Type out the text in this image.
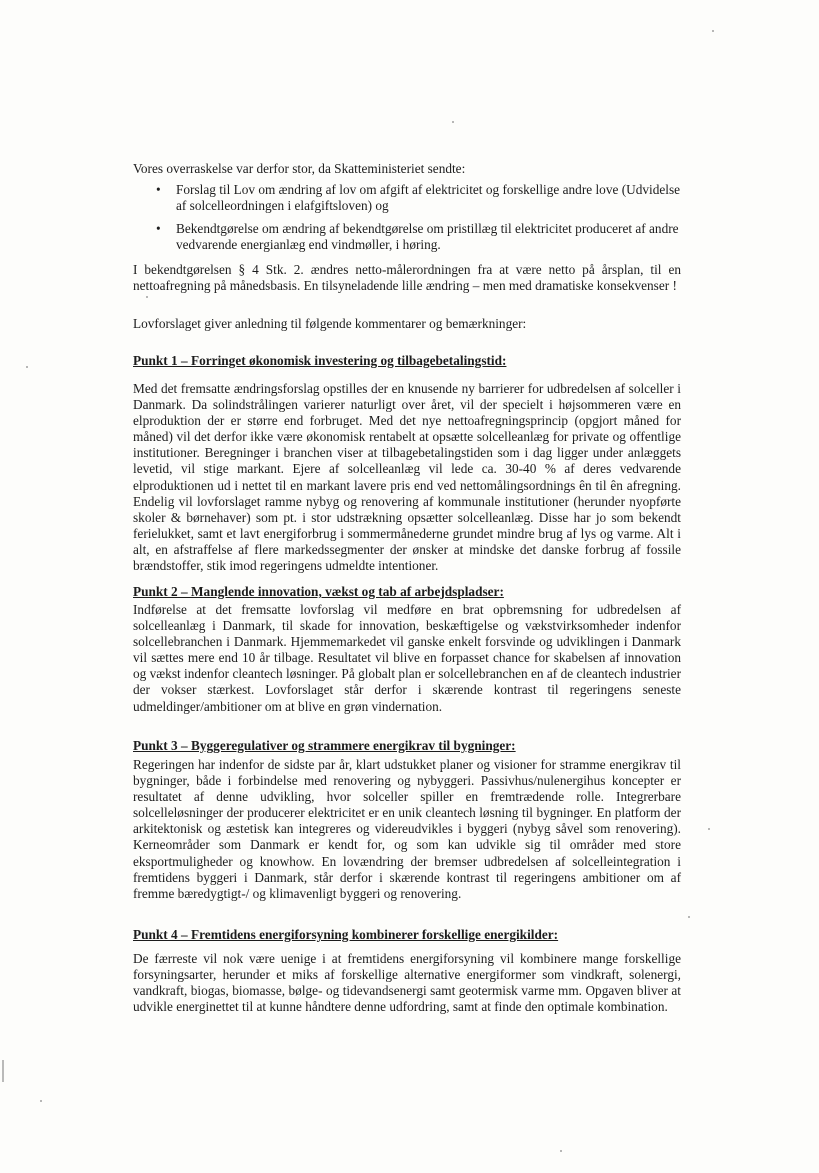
Vores overraskelse var derfor stor, da Skatteministeriet sendte:

• Forslag til Lov om ændring af lov om afgift af elektricitet og forskellige andre love (Udvidelse af solcelleordningen i elafgiftsloven) og
• Bekendtgørelse om ændring af bekendtgørelse om pristillæg til elektricitet produceret af andre vedvarende energianlæg end vindmøller, i høring.

I bekendtgørelsen § 4 Stk. 2. ændres netto-målerordningen fra at være netto på årsplan, til en nettoafregning på månedsbasis. En tilsyneladende lille ændring – men med dramatiske konsekvenser !

Lovforslaget giver anledning til følgende kommentarer og bemærkninger:

Punkt 1 – Forringet økonomisk investering og tilbagebetalingstid:

Med det fremsatte ændringsforslag opstilles der en knusende ny barrierer for udbredelsen af solceller i Danmark. Da solindstrålingen varierer naturligt over året, vil der specielt i højsommeren være en elproduktion der er større end forbruget. Med det nye nettoafregningsprincip (opgjort måned for måned) vil det derfor ikke være økonomisk rentabelt at opsætte solcelleanlæg for private og offentlige institutioner. Beregninger i branchen viser at tilbagebetalingstiden som i dag ligger under anlæggets levetid, vil stige markant. Ejere af solcelleanlæg vil lede ca. 30-40 % af deres vedvarende elproduktionen ud i nettet til en markant lavere pris end ved nettomålingsordnings ên til ên afregning. Endelig vil lovforslaget ramme nybyg og renovering af kommunale institutioner (herunder nyopførte skoler & børnehaver) som pt. i stor udstrækning opsætter solcelleanlæg. Disse har jo som bekendt ferielukket, samt et lavt energiforbrug i sommermånederne grundet mindre brug af lys og varme. Alt i alt, en afstraffelse af flere markedssegmenter der ønsker at mindske det danske forbrug af fossile brændstoffer, stik imod regeringens udmeldte intentioner.

Punkt 2 – Manglende innovation, vækst og tab af arbejdspladser:

Indførelse at det fremsatte lovforslag vil medføre en brat opbremsning for udbredelsen af solcelleanlæg i Danmark, til skade for innovation, beskæftigelse og vækstvirksomheder indenfor solcellebranchen i Danmark. Hjemmemarkedet vil ganske enkelt forsvinde og udviklingen i Danmark vil sættes mere end 10 år tilbage. Resultatet vil blive en forpasset chance for skabelsen af innovation og vækst indenfor cleantech løsninger. På globalt plan er solcellebranchen en af de cleantech industrier der vokser stærkest. Lovforslaget står derfor i skærende kontrast til regeringens seneste udmeldinger/ambitioner om at blive en grøn vindernation.

Punkt 3 – Byggeregulativer og strammere energikrav til bygninger:

Regeringen har indenfor de sidste par år, klart udstukket planer og visioner for stramme energikrav til bygninger, både i forbindelse med renovering og nybyggeri. Passivhus/nulenergihus koncepter er resultatet af denne udvikling, hvor solceller spiller en fremtrædende rolle. Integrerbare solcelleløsninger der producerer elektricitet er en unik cleantech løsning til bygninger. En platform der arkitektonisk og æstetisk kan integreres og videreudvikles i byggeri (nybyg såvel som renovering). Kerneområder som Danmark er kendt for, og som kan udvikle sig til områder med store eksportmuligheder og knowhow. En lovændring der bremser udbredelsen af solcelleintegration i fremtidens byggeri i Danmark, står derfor i skærende kontrast til regeringens ambitioner om af fremme bæredygtigt-/ og klimavenligt byggeri og renovering.

Punkt 4 – Fremtidens energiforsyning kombinerer forskellige energikilder:

De færreste vil nok være uenige i at fremtidens energiforsyning vil kombinere mange forskellige forsyningsarter, herunder et miks af forskellige alternative energiformer som vindkraft, solenergi, vandkraft, biogas, biomasse, bølge- og tidevandsenergi samt geotermisk varme mm. Opgaven bliver at udvikle energinettet til at kunne håndtere denne udfordring, samt at finde den optimale kombination.
